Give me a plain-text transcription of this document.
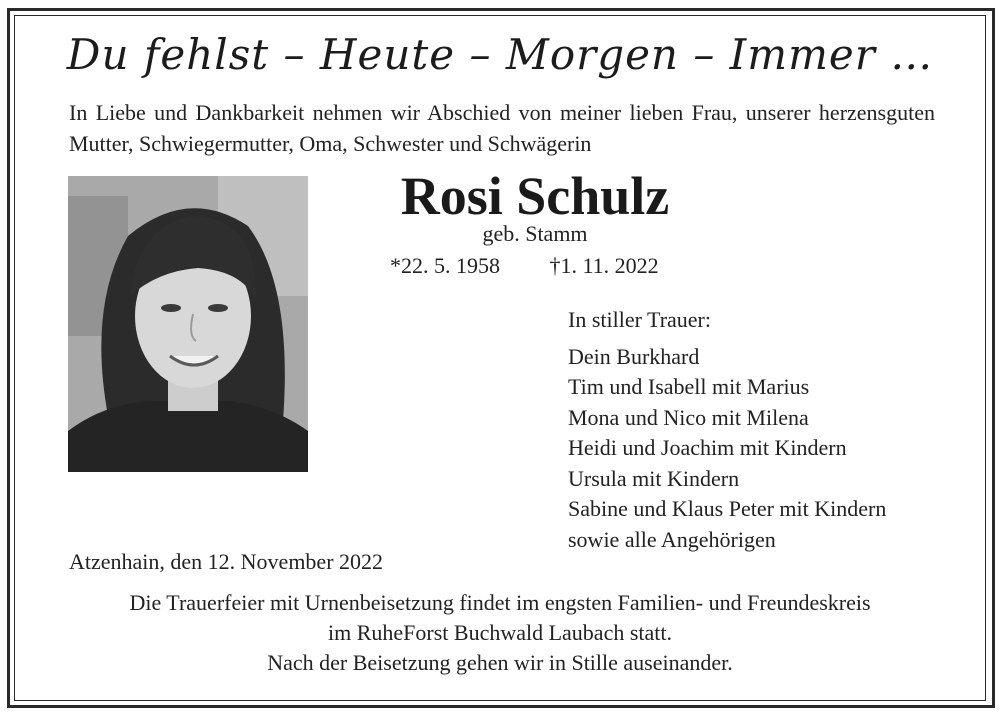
Du fehlst – Heute – Morgen – Immer …
In Liebe und Dankbarkeit nehmen wir Abschied von meiner lieben Frau, unserer herzensguten Mutter, Schwiegermutter, Oma, Schwester und Schwägerin
Rosi Schulz
geb. Stamm
*22. 5. 1958 †1. 11. 2022
In stiller Trauer:
Dein Burkhard
Tim und Isabell mit Marius
Mona und Nico mit Milena
Heidi und Joachim mit Kindern
Ursula mit Kindern
Sabine und Klaus Peter mit Kindern
sowie alle Angehörigen
Atzenhain, den 12. November 2022
Die Trauerfeier mit Urnenbeisetzung findet im engsten Familien- und Freundeskreis
im RuheForst Buchwald Laubach statt.
Nach der Beisetzung gehen wir in Stille auseinander.
